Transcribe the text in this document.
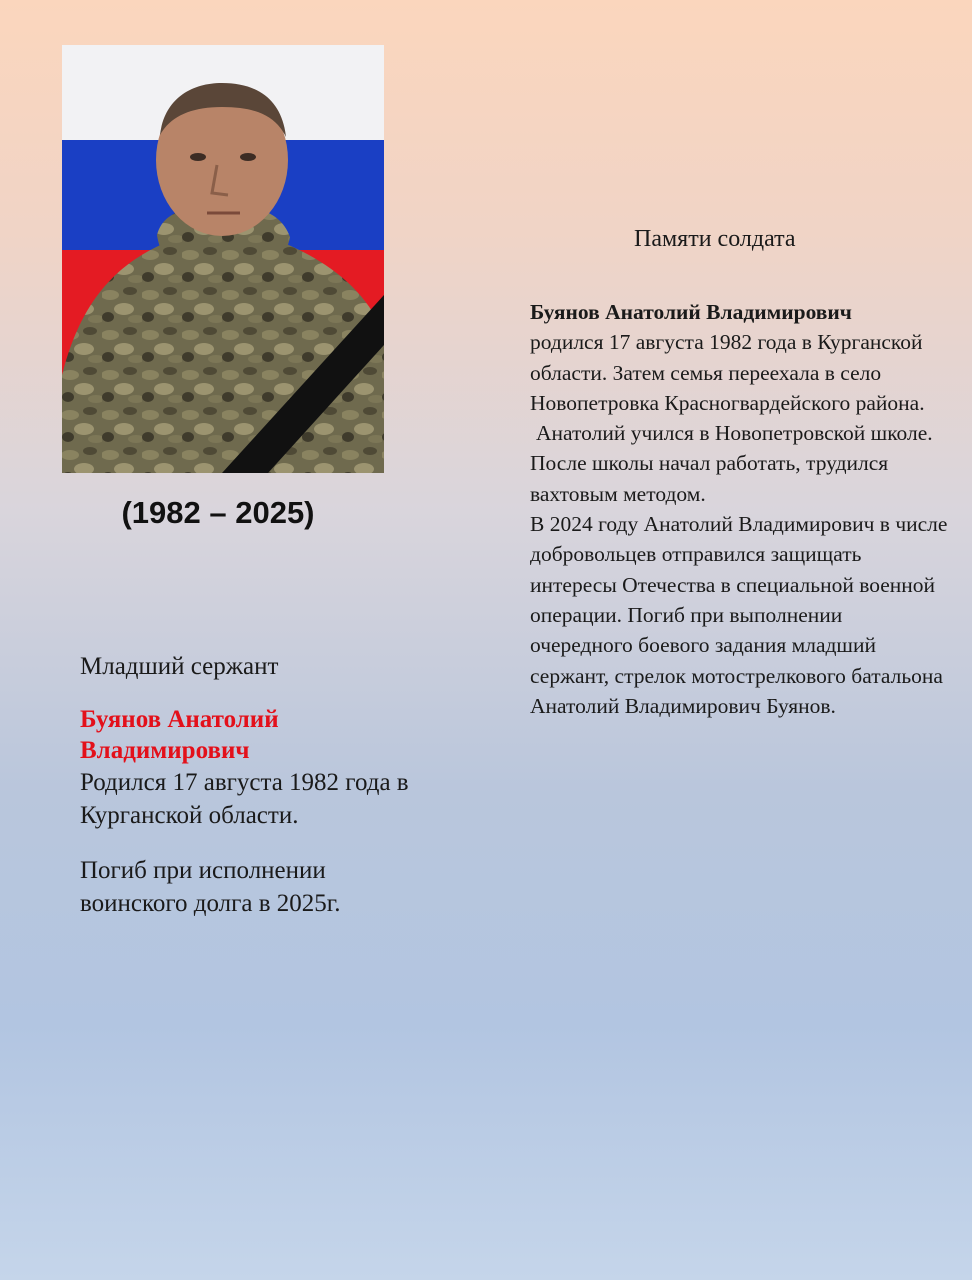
(1982 – 2025)

Младший сержант

Буянов Анатолий Владимирович

Родился 17 августа 1982 года в Курганской области.

Погиб при исполнении воинского долга в 2025г.

Памяти солдата

Буянов Анатолий Владимирович
родился 17 августа 1982 года в Курганской области. Затем семья переехала в село Новопетровка Красногвардейского района.

Анатолий учился в Новопетровской школе. После школы начал работать, трудился вахтовым методом.

В 2024 году Анатолий Владимирович в числе добровольцев отправился защищать интересы Отечества в специальной военной операции. Погиб при выполнении очередного боевого задания младший сержант, стрелок мотострелкового батальона Анатолий Владимирович Буянов.
